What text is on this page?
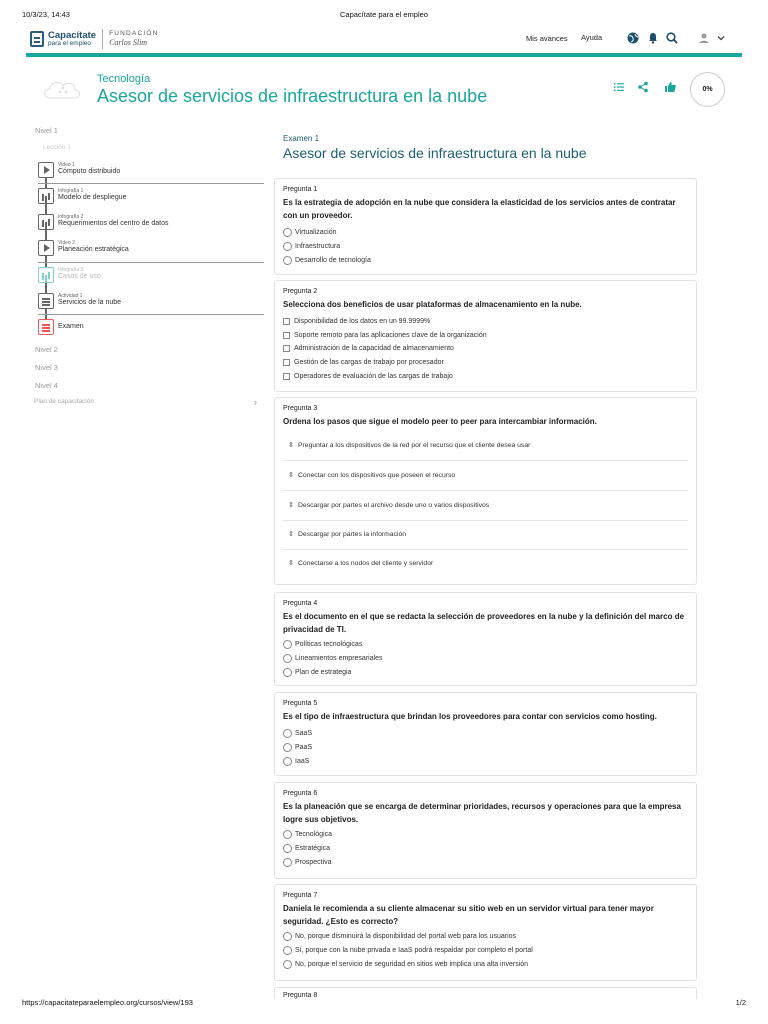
10/3/23, 14:43	Capacítate para el empleo
Capacítate
para el empleo
FUNDACIÓN
Carlos Slim	Mis avances Ayuda
Tecnología
Asesor de servicios de infraestructura en la nube	0%
Nivel 1
Lección 1
Video 1
Cómputo distribuido
Infografía 1
Modelo de despliegue
Infografía 2
Requerimientos del centro de datos
Video 2
Planeación estratégica
Infografía 3
Casos de uso
Actividad 1
Servicios de la nube
Examen
Nivel 2
Nivel 3
Nivel 4
Plan de capacitación	›
Examen 1
Asesor de servicios de infraestructura en la nube
Pregunta 1
Es la estrategia de adopción en la nube que considera la elasticidad de los servicios antes de contratar con un proveedor.
Virtualización
Infraestructura
Desarrollo de tecnología
Pregunta 2
Selecciona dos beneficios de usar plataformas de almacenamiento en la nube.
Disponibilidad de los datos en un 99.9999%
Soporte remoto para las aplicaciones clave de la organización
Administración de la capacidad de almacenamiento
Gestión de las cargas de trabajo por procesador
Operadores de evaluación de las cargas de trabajo
Pregunta 3
Ordena los pasos que sigue el modelo peer to peer para intercambiar información.
⇕ Preguntar a los dispositivos de la red por el recurso que el cliente desea usar
⇕ Conectar con los dispositivos que poseen el recurso
⇕ Descargar por partes el archivo desde uno o varios dispositivos
⇕ Descargar por partes la información
⇕ Conectarse a los nodos del cliente y servidor
Pregunta 4
Es el documento en el que se redacta la selección de proveedores en la nube y la definición del marco de privacidad de TI.
Políticas tecnológicas
Lineamientos empresariales
Plan de estrategia
Pregunta 5
Es el tipo de infraestructura que brindan los proveedores para contar con servicios como hosting.
SaaS
PaaS
IaaS
Pregunta 6
Es la planeación que se encarga de determinar prioridades, recursos y operaciones para que la empresa logre sus objetivos.
Tecnológica
Estratégica
Prospectiva
Pregunta 7
Daniela le recomienda a su cliente almacenar su sitio web en un servidor virtual para tener mayor seguridad. ¿Esto es correcto?
No, porque disminuirá la disponibilidad del portal web para los usuarios
Sí, porque con la nube privada e IaaS podrá respaldar por completo el portal
No, porque el servicio de seguridad en sitios web implica una alta inversión
Pregunta 8
https://capacitateparaelempleo.org/cursos/view/193	1/2
